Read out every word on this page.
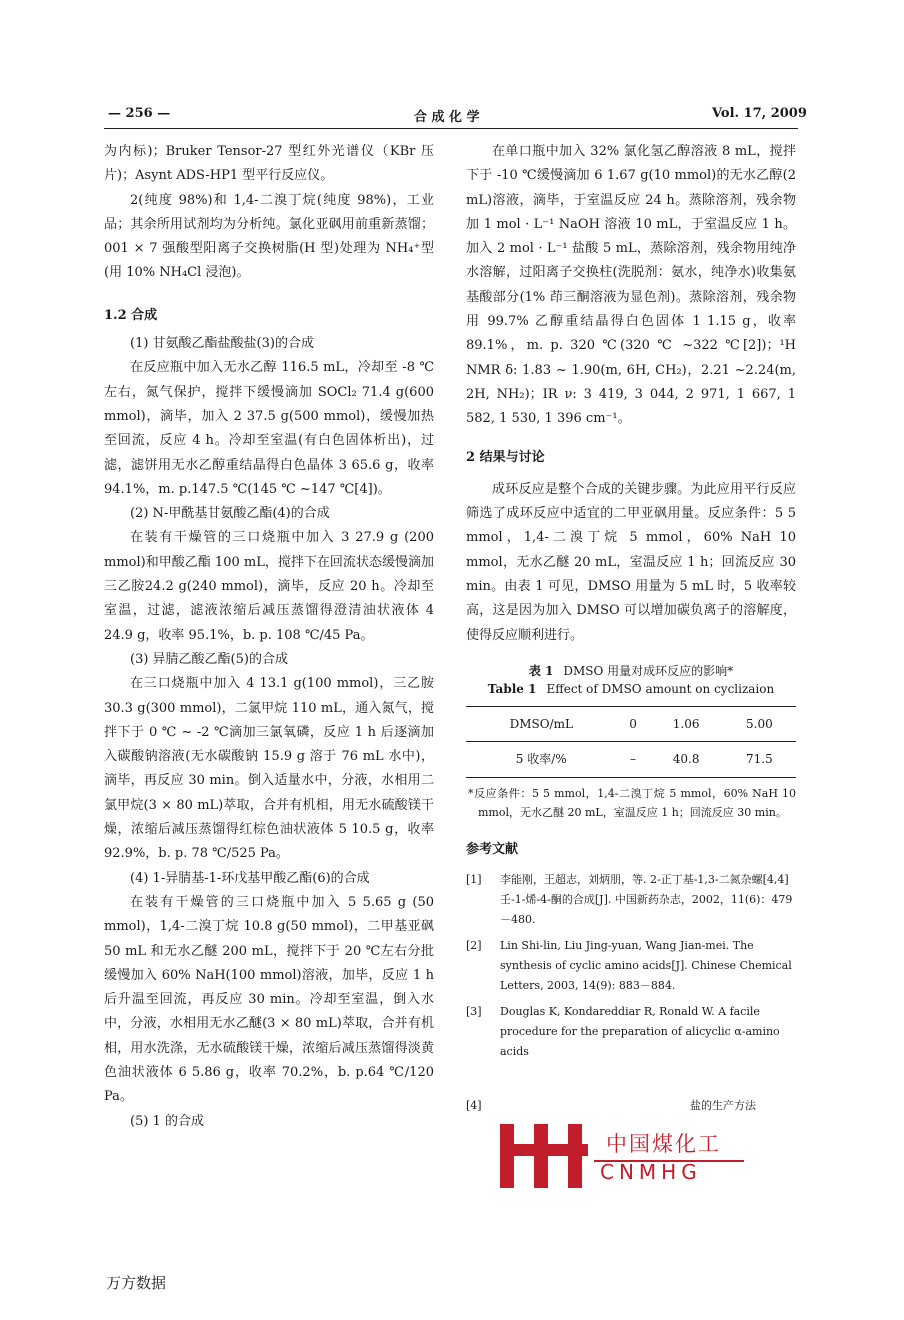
— 256 —	合 成 化 学	Vol. 17, 2009

为内标)；Bruker Tensor-27 型红外光谱仪（KBr 压片)；Asynt ADS-HP1 型平行反应仪。

2(纯度 98%)和 1,4-二溴丁烷(纯度 98%)，工业品；其余所用试剂均为分析纯。氯化亚砜用前重新蒸馏；001 × 7 强酸型阳离子交换树脂(H 型)处理为 NH₄⁺型(用 10% NH₄Cl 浸泡)。

1.2 合成

(1) 甘氨酸乙酯盐酸盐(3)的合成

在反应瓶中加入无水乙醇 116.5 mL，冷却至 -8 ℃左右，氮气保护，搅拌下缓慢滴加 SOCl₂ 71.4 g(600 mmol)，滴毕，加入 2 37.5 g(500 mmol)，缓慢加热至回流，反应 4 h。冷却至室温(有白色固体析出)，过滤，滤饼用无水乙醇重结晶得白色晶体 3 65.6 g，收率94.1%，m. p.147.5 ℃(145 ℃ ~147 ℃[4])。

(2) N-甲酰基甘氨酸乙酯(4)的合成

在装有干燥管的三口烧瓶中加入 3 27.9 g (200 mmol)和甲酸乙酯 100 mL，搅拌下在回流状态缓慢滴加三乙胺24.2 g(240 mmol)，滴毕，反应 20 h。冷却至室温，过滤，滤液浓缩后减压蒸馏得澄清油状液体 4 24.9 g，收率 95.1%，b. p. 108 ℃/45 Pa。

(3) 异腈乙酸乙酯(5)的合成

在三口烧瓶中加入 4 13.1 g(100 mmol)，三乙胺 30.3 g(300 mmol)，二氯甲烷 110 mL，通入氮气，搅拌下于 0 ℃ ~ -2 ℃滴加三氯氧磷，反应 1 h 后逐滴加入碳酸钠溶液(无水碳酸钠 15.9 g 溶于 76 mL 水中)，滴毕，再反应 30 min。倒入适量水中，分液，水相用二氯甲烷(3 × 80 mL)萃取，合并有机相，用无水硫酸镁干燥，浓缩后减压蒸馏得红棕色油状液体 5 10.5 g，收率 92.9%，b. p. 78 ℃/525 Pa。

(4) 1-异腈基-1-环戊基甲酸乙酯(6)的合成

在装有干燥管的三口烧瓶中加入 5 5.65 g (50 mmol)，1,4-二溴丁烷 10.8 g(50 mmol)，二甲基亚砜 50 mL 和无水乙醚 200 mL，搅拌下于 20 ℃左右分批缓慢加入 60% NaH(100 mmol)溶液，加毕，反应 1 h 后升温至回流，再反应 30 min。冷却至室温，倒入水中，分液，水相用无水乙醚(3 × 80 mL)萃取，合并有机相，用水洗涤，无水硫酸镁干燥，浓缩后减压蒸馏得淡黄色油状液体 6 5.86 g，收率 70.2%，b. p.64 ℃/120 Pa。

(5) 1 的合成

在单口瓶中加入 32% 氯化氢乙醇溶液 8 mL，搅拌下于 -10 ℃缓慢滴加 6 1.67 g(10 mmol)的无水乙醇(2 mL)溶液，滴毕，于室温反应 24 h。蒸除溶剂，残余物加 1 mol · L⁻¹ NaOH 溶液 10 mL，于室温反应 1 h。加入 2 mol · L⁻¹ 盐酸 5 mL，蒸除溶剂，残余物用纯净水溶解，过阳离子交换柱(洗脱剂：氨水，纯净水)收集氨基酸部分(1% 茚三酮溶液为显色剂)。蒸除溶剂，残余物用 99.7% 乙醇重结晶得白色固体 1 1.15 g，收率 89.1%，m. p. 320 ℃(320 ℃ ~322 ℃[2])；¹H NMR δ: 1.83 ~ 1.90(m, 6H, CH₂)，2.21 ~2.24(m, 2H, NH₂)；IR ν: 3 419, 3 044, 2 971, 1 667, 1 582, 1 530, 1 396 cm⁻¹。

2 结果与讨论

成环反应是整个合成的关键步骤。为此应用平行反应筛选了成环反应中适宜的二甲亚砜用量。反应条件：5 5 mmol，1,4-二溴丁烷 5 mmol，60% NaH 10 mmol，无水乙醚 20 mL，室温反应 1 h；回流反应 30 min。由表 1 可见，DMSO 用量为 5 mL 时，5 收率较高，这是因为加入 DMSO 可以增加碳负离子的溶解度，使得反应顺利进行。

表 1 DMSO 用量对成环反应的影响*
Table 1 Effect of DMSO amount on cyclizaion
DMSO/mL	0	1.06	5.00
5 收率/%	–	40.8	71.5

*反应条件：5 5 mmol，1,4-二溴丁烷 5 mmol，60% NaH 10 mmol，无水乙醚 20 mL，室温反应 1 h；回流反应 30 min。

参考文献

[1]	李能刚，王超志，刘炳朋，等. 2-正丁基-1,3-二氮杂螺[4,4]壬-1-烯-4-酮的合成[J]. 中国新药杂志，2002，11(6)：479－480.
[2]	Lin Shi-lin, Liu Jing-yuan, Wang Jian-mei. The synthesis of cyclic amino acids[J]. Chinese Chemical Letters, 2003, 14(9): 883－884.
[3]	Douglas K, Kondareddiar R, Ronald W. A facile procedure for the preparation of alicyclic α-amino acids
[4]	盐的生产方法
中国煤化工
CNMHG
万方数据
